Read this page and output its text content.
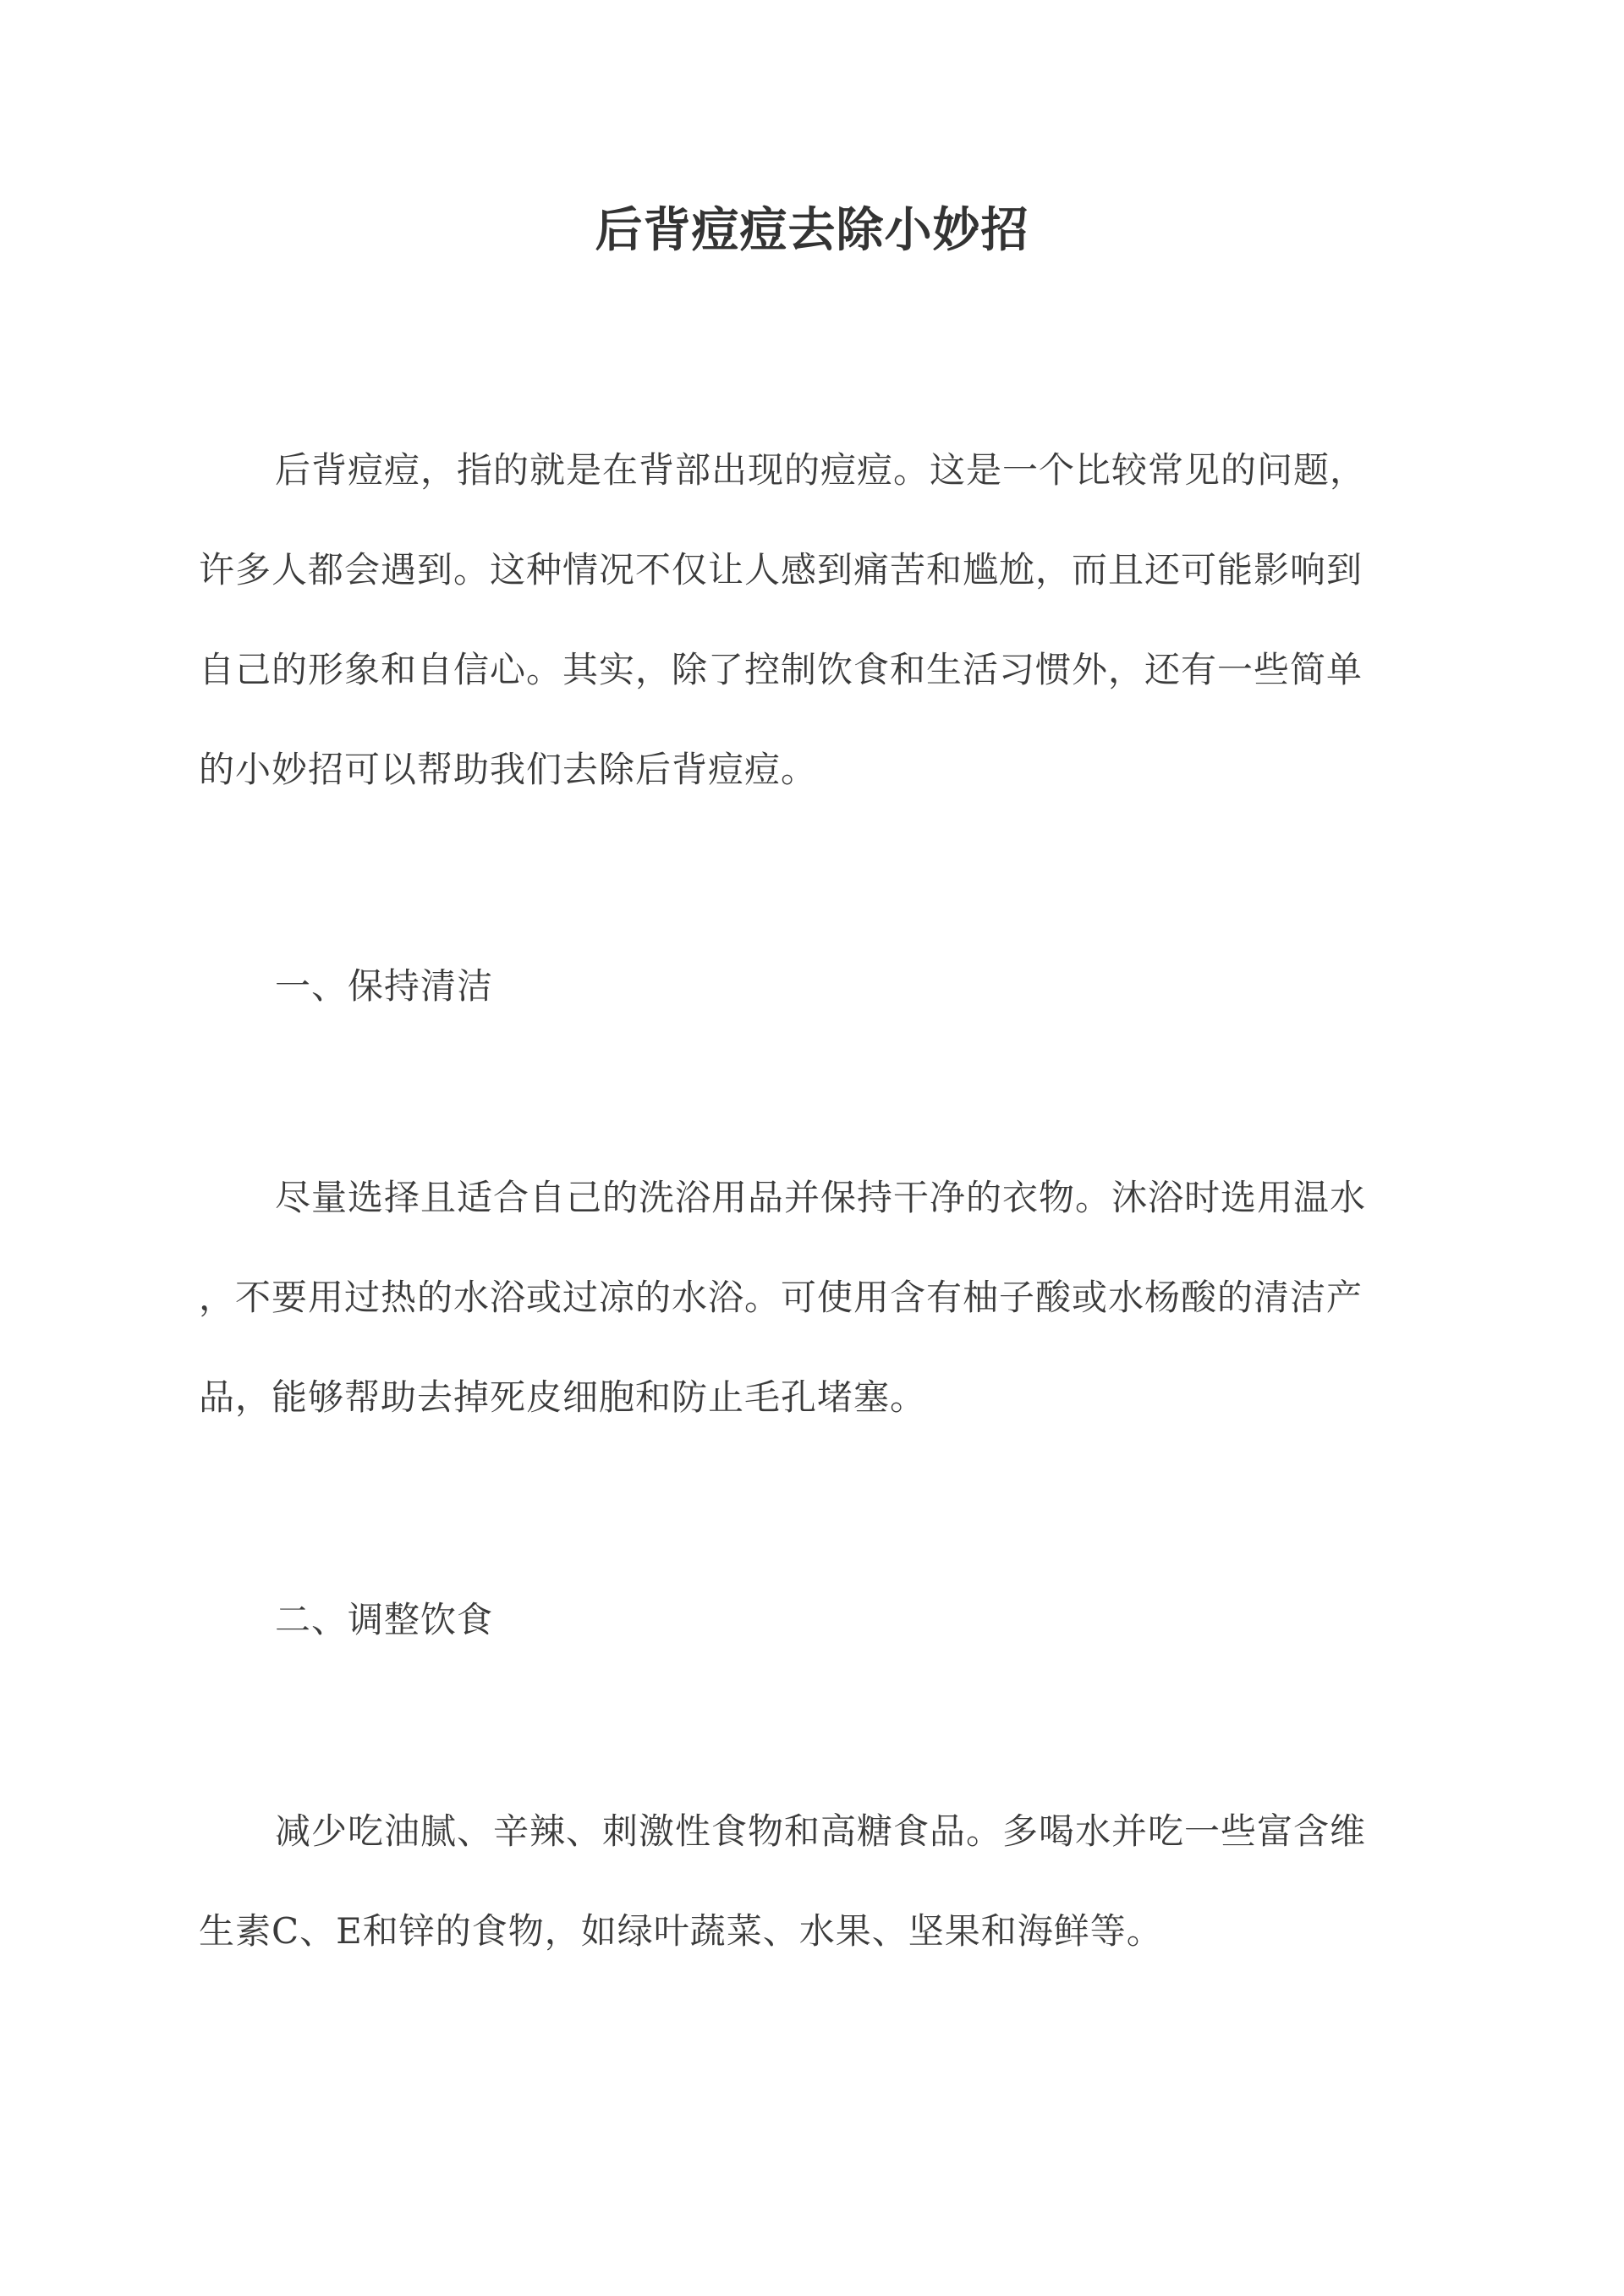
后背痘痘去除小妙招
后背痘痘，指的就是在背部出现的痘痘。这是一个比较常见的问题，
许多人都会遇到。这种情况不仅让人感到痛苦和尴尬，而且还可能影响到
自己的形象和自信心。其实，除了控制饮食和生活习惯外，还有一些简单
的小妙招可以帮助我们去除后背痘痘。
一、保持清洁
尽量选择且适合自己的洗浴用品并保持干净的衣物。沐浴时选用温水
，不要用过热的水浴或过凉的水浴。可使用含有柚子酸或水杨酸的清洁产
品，能够帮助去掉死皮细胞和防止毛孔堵塞。
二、调整饮食
减少吃油腻、辛辣、刺激性食物和高糖食品。多喝水并吃一些富含维
生素C、E和锌的食物，如绿叶蔬菜、水果、坚果和海鲜等。
